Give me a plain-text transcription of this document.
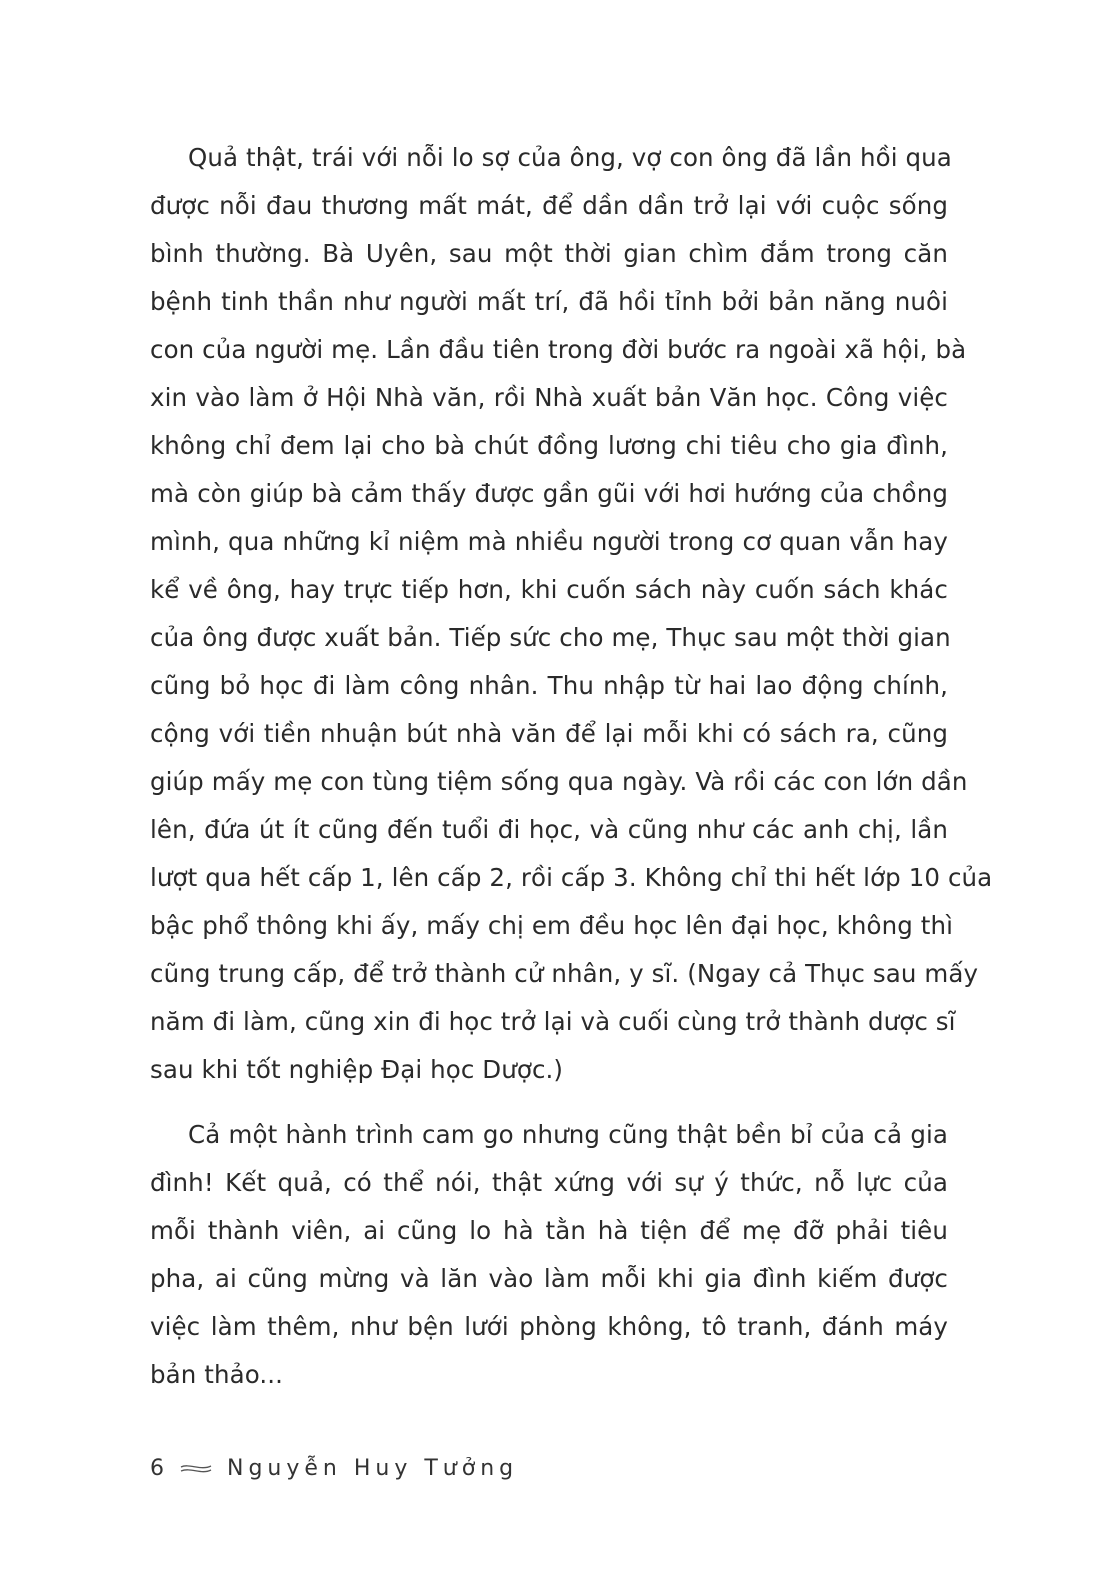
Quả thật, trái với nỗi lo sợ của ông, vợ con ông đã lần hồi qua
được nỗi đau thương mất mát, để dần dần trở lại với cuộc sống
bình thường. Bà Uyên, sau một thời gian chìm đắm trong căn
bệnh tinh thần như người mất trí, đã hồi tỉnh bởi bản năng nuôi
con của người mẹ. Lần đầu tiên trong đời bước ra ngoài xã hội, bà
xin vào làm ở Hội Nhà văn, rồi Nhà xuất bản Văn học. Công việc
không chỉ đem lại cho bà chút đồng lương chi tiêu cho gia đình,
mà còn giúp bà cảm thấy được gần gũi với hơi hướng của chồng
mình, qua những kỉ niệm mà nhiều người trong cơ quan vẫn hay
kể về ông, hay trực tiếp hơn, khi cuốn sách này cuốn sách khác
của ông được xuất bản. Tiếp sức cho mẹ, Thục sau một thời gian
cũng bỏ học đi làm công nhân. Thu nhập từ hai lao động chính,
cộng với tiền nhuận bút nhà văn để lại mỗi khi có sách ra, cũng
giúp mấy mẹ con tùng tiệm sống qua ngày. Và rồi các con lớn dần
lên, đứa út ít cũng đến tuổi đi học, và cũng như các anh chị, lần
lượt qua hết cấp 1, lên cấp 2, rồi cấp 3. Không chỉ thi hết lớp 10 của
bậc phổ thông khi ấy, mấy chị em đều học lên đại học, không thì
cũng trung cấp, để trở thành cử nhân, y sĩ. (Ngay cả Thục sau mấy
năm đi làm, cũng xin đi học trở lại và cuối cùng trở thành dược sĩ
sau khi tốt nghiệp Đại học Dược.)
Cả một hành trình cam go nhưng cũng thật bền bỉ của cả gia
đình! Kết quả, có thể nói, thật xứng với sự ý thức, nỗ lực của
mỗi thành viên, ai cũng lo hà tằn hà tiện để mẹ đỡ phải tiêu
pha, ai cũng mừng và lăn vào làm mỗi khi gia đình kiếm được
việc làm thêm, như bện lưới phòng không, tô tranh, đánh máy
bản thảo...
6	Nguyễn Huy Tưởng
